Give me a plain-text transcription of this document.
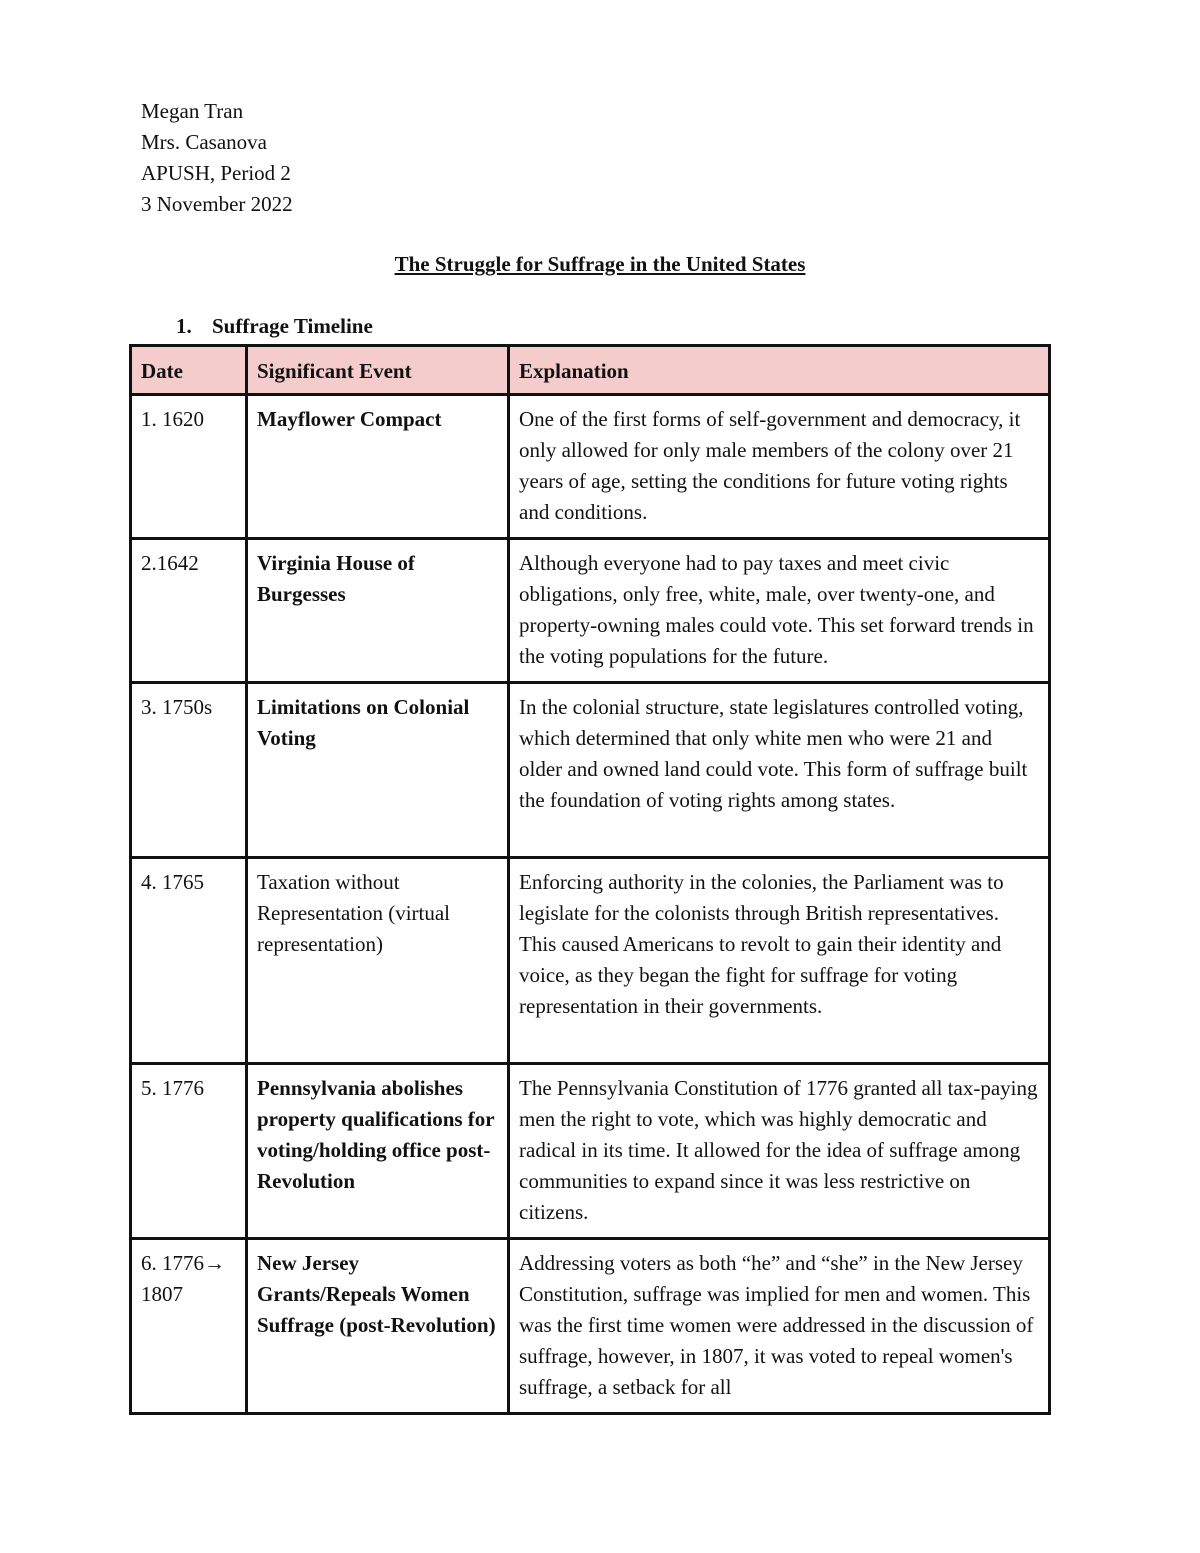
Megan Tran
Mrs. Casanova
APUSH, Period 2
3 November 2022
The Struggle for Suffrage in the United States
1. Suffrage Timeline
Date	Significant Event	Explanation
1. 1620	Mayflower Compact	One of the first forms of self-government and democracy, it only allowed for only male members of the colony over 21 years of age, setting the conditions for future voting rights and conditions.
2.1642	Virginia House of Burgesses	Although everyone had to pay taxes and meet civic obligations, only free, white, male, over twenty-one, and property-owning males could vote. This set forward trends in the voting populations for the future.
3. 1750s	Limitations on Colonial Voting	In the colonial structure, state legislatures controlled voting, which determined that only white men who were 21 and older and owned land could vote. This form of suffrage built the foundation of voting rights among states.
4. 1765	Taxation without Representation (virtual representation)	Enforcing authority in the colonies, the Parliament was to legislate for the colonists through British representatives. This caused Americans to revolt to gain their identity and voice, as they began the fight for suffrage for voting representation in their governments.
5. 1776	Pennsylvania abolishes property qualifications for voting/holding office post-Revolution	The Pennsylvania Constitution of 1776 granted all tax-paying men the right to vote, which was highly democratic and radical in its time. It allowed for the idea of suffrage among communities to expand since it was less restrictive on citizens.
6. 1776→ 1807	New Jersey Grants/Repeals Women Suffrage (post-Revolution)	Addressing voters as both “he” and “she” in the New Jersey Constitution, suffrage was implied for men and women. This was the first time women were addressed in the discussion of suffrage, however, in 1807, it was voted to repeal women's suffrage, a setback for all
